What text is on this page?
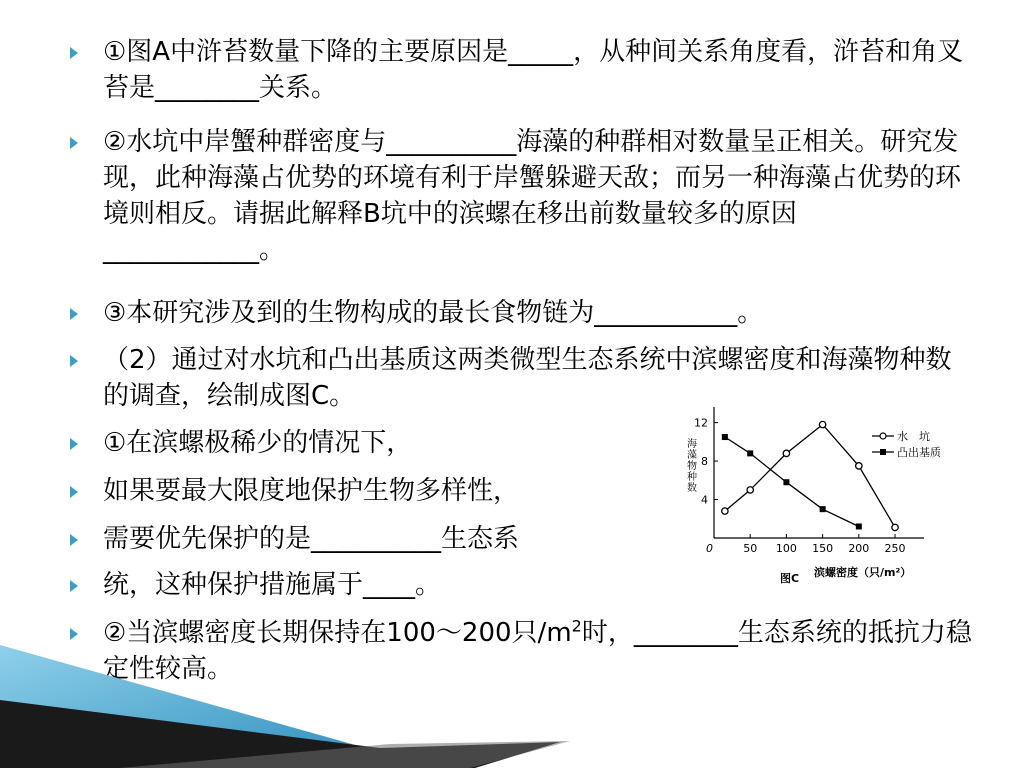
①图A中浒苔数量下降的主要原因是_____，从种间关系角度看，浒苔和角叉苔是________关系。
②水坑中岸蟹种群密度与__________海藻的种群相对数量呈正相关。研究发现，此种海藻占优势的环境有利于岸蟹躲避天敌；而另一种海藻占优势的环境则相反。请据此解释B坑中的滨螺在移出前数量较多的原因____________。
③本研究涉及到的生物构成的最长食物链为___________。
（2）通过对水坑和凸出基质这两类微型生态系统中滨螺密度和海藻物种数的调查，绘制成图C。
①在滨螺极稀少的情况下，
如果要最大限度地保护生物多样性，
需要优先保护的是__________生态系
统，这种保护措施属于____。
②当滨螺密度长期保持在100～200只$/m^2$时，________生态系统的抵抗力稳定性较高。
0	50 100 150 200 250
4
8
12
海藻物种数
滨螺密度（只/m²）
图C
水　坑
凸出基质
